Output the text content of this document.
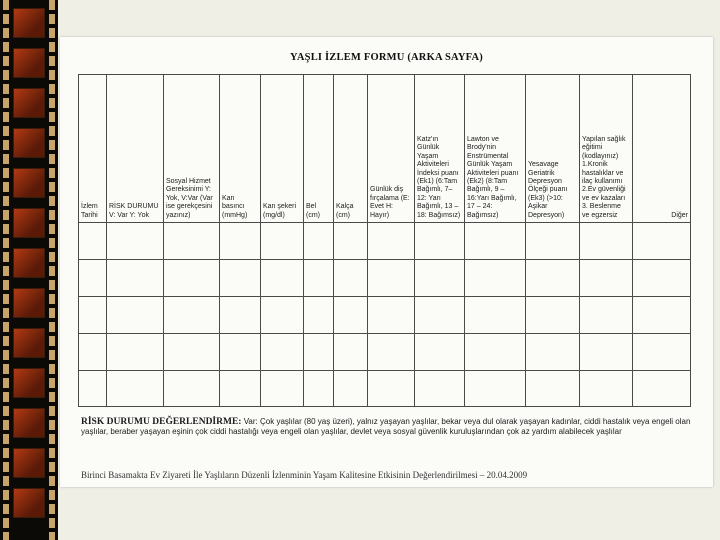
YAŞLI İZLEM FORMU (ARKA SAYFA)
İzlem Tarihi	RİSK DURUMU V: Var Y: Yok	Sosyal Hizmet Gereksinimi Y: Yok, V:Var (Var ise gerekçesini yazınız)	Kan basıncı (mmHg)	Kan şekeri (mg/dl)	Bel (cm)	Kalça (cm)	Günlük diş fırçalama (E: Evet H: Hayır)	Katz'ın Günlük Yaşam Aktiviteleri İndeksi puanı (Ek1) (6:Tam Bağımlı, 7–12: Yarı Bağımlı, 13 – 18: Bağımsız)	Lawton ve Brody'nin Enstrümental Günlük Yaşam Aktiviteleri puanı (Ek2) (8:Tam Bağımlı, 9 – 16:Yarı Bağımlı, 17 – 24: Bağımsız)	Yesavage Geriatrik Depresyon Ölçeği puanı (Ek3) (>10: Aşikar Depresyon)	Yapılan sağlık eğitimi (kodlayınız) 1.Kronik hastalıklar ve ilaç kullanımı 2.Ev güvenliği ve ev kazaları 3. Beslenme ve egzersiz	Diğer

RİSK DURUMU DEĞERLENDİRME: Var: Çok yaşlılar (80 yaş üzeri), yalnız yaşayan yaşlılar, bekar veya dul olarak yaşayan kadınlar, ciddi hastalık veya engeli olan yaşlılar, beraber yaşayan eşinin çok ciddi hastalığı veya engeli olan yaşlılar, devlet veya sosyal güvenlik kuruluşlarından çok az yardım alabilecek yaşlılar
Birinci Basamakta Ev Ziyareti İle Yaşlıların Düzenli İzlenminin Yaşam Kalitesine Etkisinin Değerlendirilmesi – 20.04.2009
